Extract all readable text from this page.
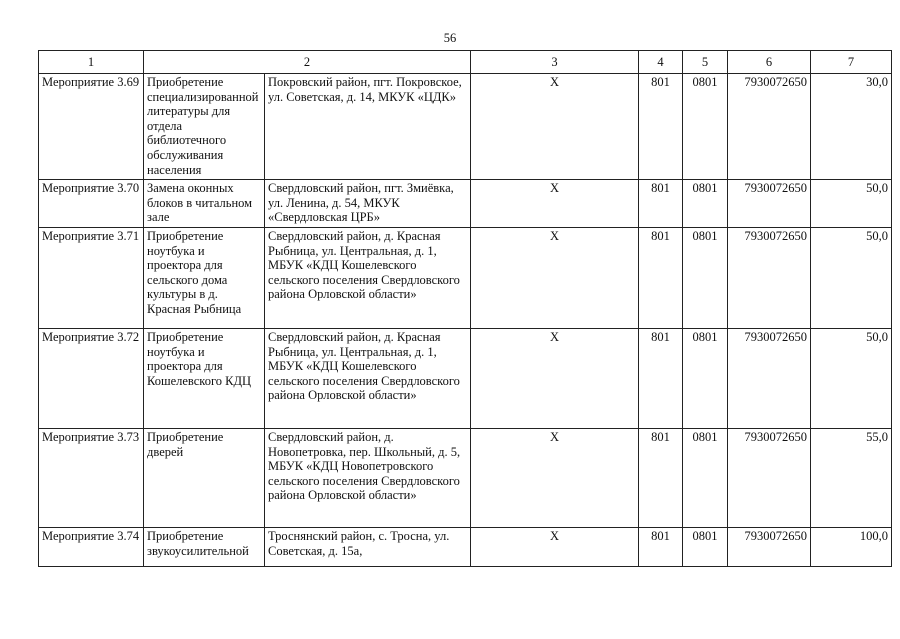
56
1	2		3	4	5	6	7
Мероприятие 3.69	Приобретение специализированной литературы для отдела библиотечного обслуживания населения	Покровский район, пгт. Покровское, ул. Советская, д. 14, МКУК «ЦДК»	Х	801	0801	7930072650	30,0
Мероприятие 3.70	Замена оконных блоков в читальном зале	Свердловский район, пгт. Змиёвка, ул. Ленина, д. 54, МКУК «Свердловская ЦРБ»	Х	801	0801	7930072650	50,0
Мероприятие 3.71	Приобретение ноутбука и проектора для сельского дома культуры в д. Красная Рыбница	Свердловский район, д. Красная Рыбница, ул. Центральная, д. 1, МБУК «КДЦ Кошелевского сельского поселения Свердловского района Орловской области»	Х	801	0801	7930072650	50,0
Мероприятие 3.72	Приобретение ноутбука и проектора для Кошелевского КДЦ	Свердловский район, д. Красная Рыбница, ул. Центральная, д. 1, МБУК «КДЦ Кошелевского сельского поселения Свердловского района Орловской области»	Х	801	0801	7930072650	50,0
Мероприятие 3.73	Приобретение дверей	Свердловский район, д. Новопетровка, пер. Школьный, д. 5, МБУК «КДЦ Новопетровского сельского поселения Свердловского района Орловской области»	Х	801	0801	7930072650	55,0
Мероприятие 3.74	Приобретение звукоусилительной	Троснянский район, с. Тросна, ул. Советская, д. 15а,	Х	801	0801	7930072650	100,0
